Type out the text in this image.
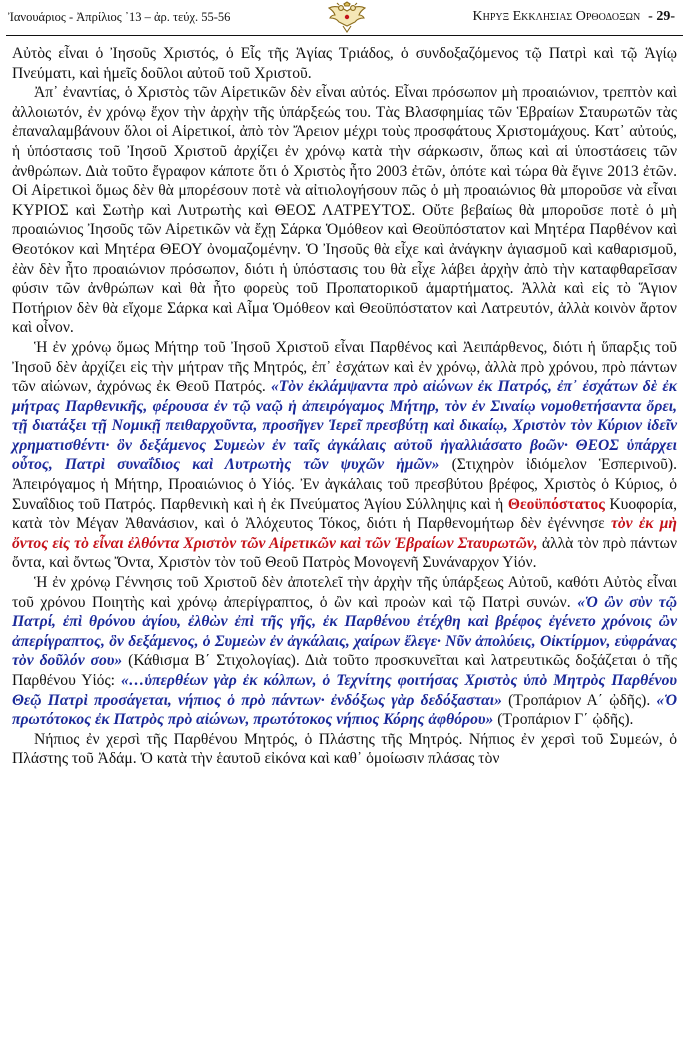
Ἰανουάριος - Ἀπρίλιος ᾽13 – ἀρ. τεύχ. 55-56	Κηρυξ Εκκλησιας Ορθοδοξων - 29-

Αὐτὸς εἶναι ὁ Ἰησοῦς Χριστός, ὁ Εἷς τῆς Ἁγίας Τριάδος, ὁ συνδοξαζόμενος τῷ Πατρὶ καὶ τῷ Ἁγίῳ Πνεύματι, καὶ ἡμεῖς δοῦλοι αὐτοῦ τοῦ Χριστοῦ.

Ἀπ᾽ ἐναντίας, ὁ Χριστὸς τῶν Αἱρετικῶν δὲν εἶναι αὐτός. Εἶναι πρόσωπον μὴ προαιώνιον, τρεπτὸν καὶ ἀλλοιωτόν, ἐν χρόνῳ ἔχον τὴν ἀρχὴν τῆς ὑπάρξεώς του. Τὰς Βλασφημίας τῶν Ἑβραίων Σταυρωτῶν τὰς ἐπαναλαμβάνουν ὅλοι οἱ Αἱρετικοί, ἀπὸ τὸν Ἄρειον μέχρι τοὺς προσφάτους Χριστομάχους. Κατ᾽ αὐτούς, ἡ ὑπόστασις τοῦ Ἰησοῦ Χριστοῦ ἀρχίζει ἐν χρόνῳ κατὰ τὴν σάρκωσιν, ὅπως καὶ αἱ ὑποστάσεις τῶν ἀνθρώπων. Διὰ τοῦτο ἔγραφον κάποτε ὅτι ὁ Χριστὸς ἦτο 2003 ἐτῶν, ὁπότε καὶ τώρα θὰ ἔγινε 2013 ἐτῶν. Οἱ Αἱρετικοὶ ὅμως δὲν θὰ μπορέσουν ποτὲ νὰ αἰτιολογήσουν πῶς ὁ μὴ προαιώνιος θὰ μποροῦσε νὰ εἶναι ΚΥΡΙΟΣ καὶ Σωτὴρ καὶ Λυτρωτὴς καὶ ΘΕΟΣ ΛΑΤΡΕΥΤΟΣ. Οὔτε βεβαίως θὰ μποροῦσε ποτὲ ὁ μὴ προαιώνιος Ἰησοῦς τῶν Αἱρετικῶν νὰ ἔχῃ Σάρκα Ὁμόθεον καὶ Θεοϋπόστατον καὶ Μητέρα Παρθένον καὶ Θεοτόκον καὶ Μητέρα ΘΕΟΥ ὀνομαζομένην. Ὁ Ἰησοῦς θὰ εἶχε καὶ ἀνάγκην ἁγιασμοῦ καὶ καθαρισμοῦ, ἐὰν δὲν ἦτο προαιώνιον πρόσωπον, διότι ἡ ὑπόστασις του θὰ εἶχε λάβει ἀρχὴν ἀπὸ τὴν καταφθαρεῖσαν φύσιν τῶν ἀνθρώπων καὶ θὰ ἦτο φορεὺς τοῦ Προπατορικοῦ ἁμαρτήματος. Ἀλλὰ καὶ εἰς τὸ Ἅγιον Ποτήριον δὲν θὰ εἴχομε Σάρκα καὶ Αἷμα Ὁμόθεον καὶ Θεοϋπόστατον καὶ Λατρευτόν, ἀλλὰ κοινὸν ἄρτον καὶ οἶνον.

Ἡ ἐν χρόνῳ ὅμως Μήτηρ τοῦ Ἰησοῦ Χριστοῦ εἶναι Παρθένος καὶ Ἀειπάρθενος, διότι ἡ ὕπαρξις τοῦ Ἰησοῦ δὲν ἀρχίζει εἰς τὴν μήτραν τῆς Μητρός, ἐπ᾽ ἐσχάτων καὶ ἐν χρόνῳ, ἀλλὰ πρὸ χρόνου, πρὸ πάντων τῶν αἰώνων, ἀχρόνως ἐκ Θεοῦ Πατρός. «Τὸν ἐκλάμψαντα πρὸ αἰώνων ἐκ Πατρός, ἐπ᾽ ἐσχάτων δὲ ἐκ μήτρας Παρθενικῆς, φέρουσα ἐν τῷ ναῷ ἡ ἀπειρόγαμος Μήτηρ, τὸν ἐν Σιναίῳ νομοθετήσαντα ὄρει, τῇ διατάξει τῇ Νομικῇ πειθαρχοῦντα, προσῆγεν Ἱερεῖ πρεσβύτῃ καὶ δικαίῳ, Χριστὸν τὸν Κύριον ἰδεῖν χρηματισθέντι· ὃν δεξάμενος Συμεὼν ἐν ταῖς ἀγκάλαις αὐτοῦ ἠγαλλιάσατο βοῶν· ΘΕΟΣ ὑπάρχει οὗτος, Πατρὶ συναΐδιος καὶ Λυτρωτὴς τῶν ψυχῶν ἡμῶν» (Στιχηρὸν ἰδιόμελον Ἑσπερινοῦ). Ἀπειρόγαμος ἡ Μήτηρ, Προαιώνιος ὁ Υἱός. Ἐν ἀγκάλαις τοῦ πρεσβύτου βρέφος, Χριστὸς ὁ Κύριος, ὁ Συναΐδιος τοῦ Πατρός. Παρθενικὴ καὶ ἡ ἐκ Πνεύματος Ἁγίου Σύλληψις καὶ ἡ Θεοϋπόστατος Κυοφορία, κατὰ τὸν Μέγαν Ἀθανάσιον, καὶ ὁ Ἀλόχευτος Τόκος, διότι ἡ Παρθενομήτωρ δὲν ἐγέννησε τὸν ἐκ μὴ ὄντος εἰς τὸ εἶναι ἐλθόντα Χριστὸν τῶν Αἱρετικῶν καὶ τῶν Ἑβραίων Σταυρωτῶν, ἀλλὰ τὸν πρὸ πάντων ὄντα, καὶ ὄντως Ὄντα, Χριστὸν τὸν τοῦ Θεοῦ Πατρὸς Μονογενῆ Συνάναρχον Υἱόν.

Ἡ ἐν χρόνῳ Γέννησις τοῦ Χριστοῦ δὲν ἀποτελεῖ τὴν ἀρχὴν τῆς ὑπάρξεως Αὐτοῦ, καθότι Αὐτὸς εἶναι τοῦ χρόνου Ποιητὴς καὶ χρόνῳ ἀπερίγραπτος, ὁ ὢν καὶ προὼν καὶ τῷ Πατρὶ συνών. «Ὁ ὢν σὺν τῷ Πατρί, ἐπὶ θρόνου ἁγίου, ἐλθὼν ἐπὶ τῆς γῆς, ἐκ Παρθένου ἐτέχθη καὶ βρέφος ἐγένετο χρόνοις ὢν ἀπερίγραπτος, ὃν δεξάμενος, ὁ Συμεὼν ἐν ἀγκάλαις, χαίρων ἔλεγε· Νῦν ἀπολύεις, Οἰκτίρμον, εὐφράνας τὸν δοῦλόν σου» (Κάθισμα Β΄ Στιχολογίας). Διὰ τοῦτο προσκυνεῖται καὶ λατρευτικῶς δοξάζεται ὁ τῆς Παρθένου Υἱός: «…ὑπερθέων γὰρ ἐκ κόλπων, ὁ Τεχνίτης φοιτήσας Χριστὸς ὑπὸ Μητρὸς Παρθένου Θεῷ Πατρὶ προσάγεται, νήπιος ὁ πρὸ πάντων· ἐνδόξως γὰρ δεδόξασται» (Τροπάριον Α΄ ᾠδῆς). «Ὁ πρωτότοκος ἐκ Πατρὸς πρὸ αἰώνων, πρωτότοκος νήπιος Κόρης ἀφθόρου» (Τροπάριον Γ΄ ᾠδῆς).

Νήπιος ἐν χερσὶ τῆς Παρθένου Μητρός, ὁ Πλάστης τῆς Μητρός. Νήπιος ἐν χερσὶ τοῦ Συμεών, ὁ Πλάστης τοῦ Ἀδάμ. Ὁ κατὰ τὴν ἑαυτοῦ εἰκόνα καὶ καθ᾽ ὁμοίωσιν πλάσας τὸν
